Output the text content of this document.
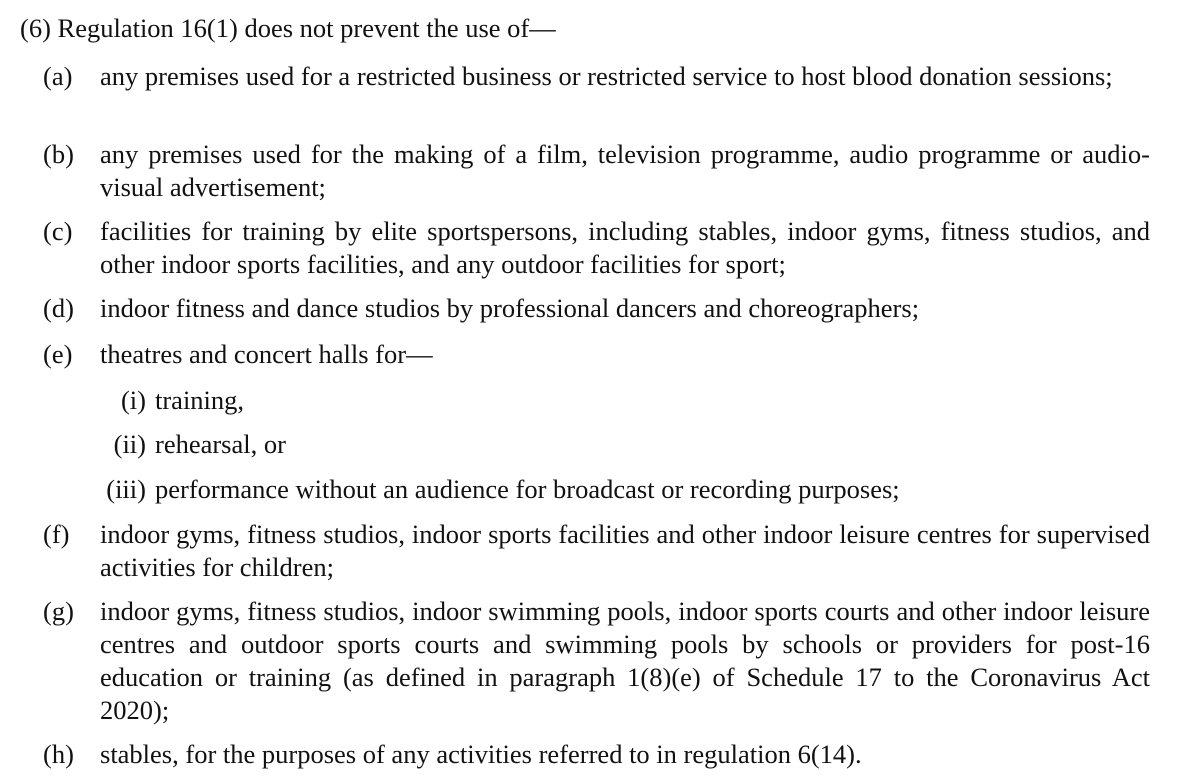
(6) Regulation 16(1) does not prevent the use of—
(a) any premises used for a restricted business or restricted service to host blood donation sessions;
(b) any premises used for the making of a film, television programme, audio programme or audio-visual advertisement;
(c) facilities for training by elite sportspersons, including stables, indoor gyms, fitness studios, and other indoor sports facilities, and any outdoor facilities for sport;
(d) indoor fitness and dance studios by professional dancers and choreographers;
(e) theatres and concert halls for—
(i) training,
(ii) rehearsal, or
(iii) performance without an audience for broadcast or recording purposes;
(f) indoor gyms, fitness studios, indoor sports facilities and other indoor leisure centres for supervised activities for children;
(g) indoor gyms, fitness studios, indoor swimming pools, indoor sports courts and other indoor leisure centres and outdoor sports courts and swimming pools by schools or providers for post-16 education or training (as defined in paragraph 1(8)(e) of Schedule 17 to the Coronavirus Act 2020);
(h) stables, for the purposes of any activities referred to in regulation 6(14).
